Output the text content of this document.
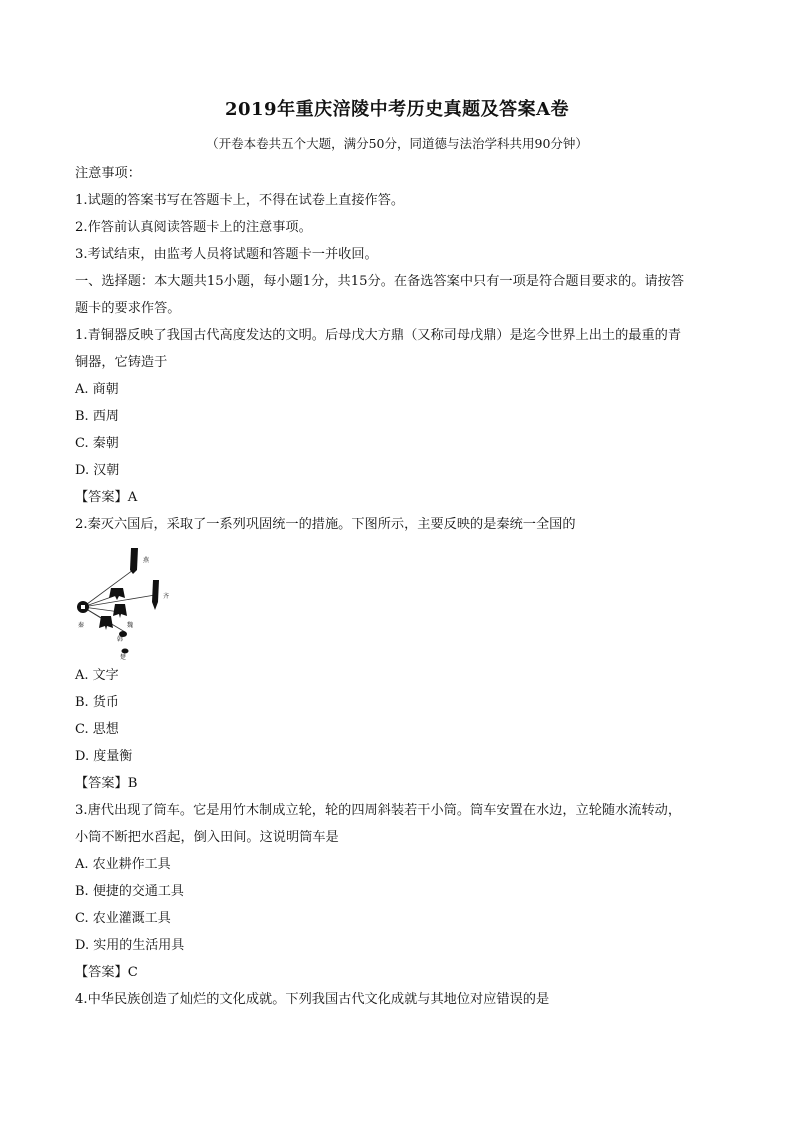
2019年重庆涪陵中考历史真题及答案A卷
（开卷本卷共五个大题，满分50分，同道德与法治学科共用90分钟）

注意事项：

1.试题的答案书写在答题卡上，不得在试卷上直接作答。

2.作答前认真阅读答题卡上的注意事项。

3.考试结束，由监考人员将试题和答题卡一并收回。

一、选择题：本大题共15小题，每小题1分，共15分。在备选答案中只有一项是符合题目要求的。请按答

题卡的要求作答。

1.青铜器反映了我国古代高度发达的文明。后母戊大方鼎（又称司母戊鼎）是迄今世界上出土的最重的青

铜器，它铸造于

A. 商朝

B. 西周

C. 秦朝

D. 汉朝

【答案】A

2.秦灭六国后，采取了一系列巩固统一的措施。下图所示，主要反映的是秦统一全国的

燕
齐
秦
赵
魏
韩
楚

A. 文字

B. 货币

C. 思想

D. 度量衡

【答案】B

3.唐代出现了筒车。它是用竹木制成立轮，轮的四周斜装若干小筒。筒车安置在水边，立轮随水流转动，

小筒不断把水舀起，倒入田间。这说明筒车是

A. 农业耕作工具

B. 便捷的交通工具

C. 农业灌溉工具

D. 实用的生活用具

【答案】C

4.中华民族创造了灿烂的文化成就。下列我国古代文化成就与其地位对应错误的是
